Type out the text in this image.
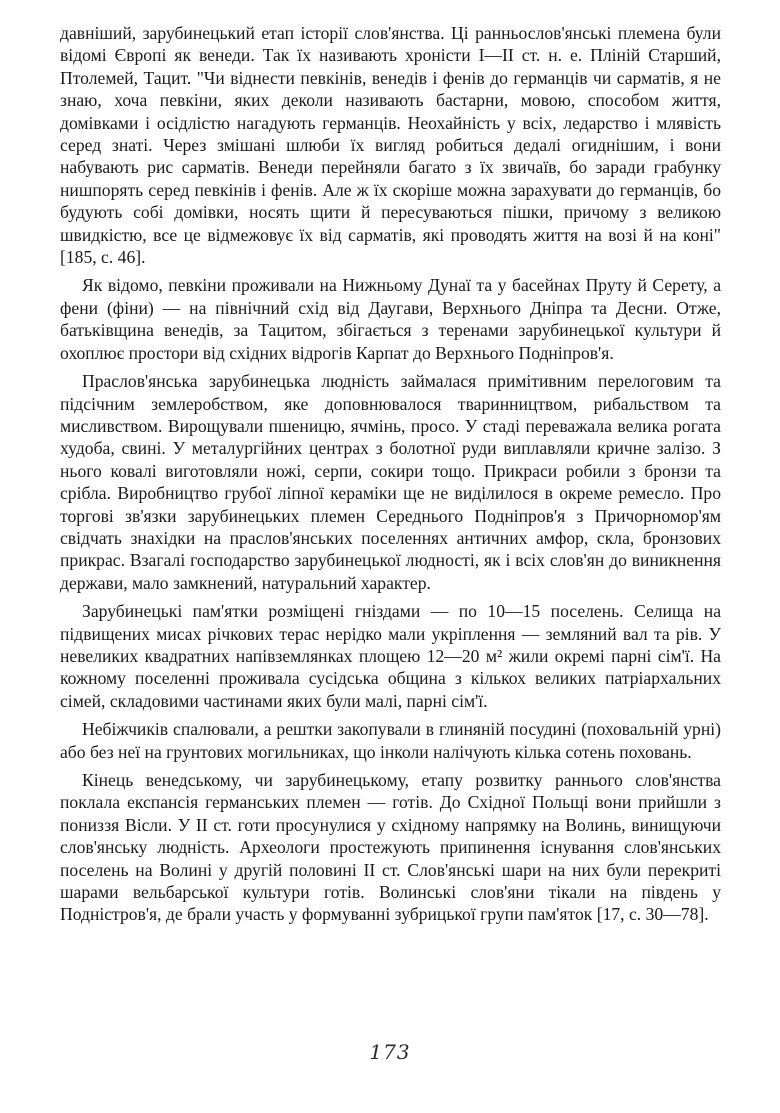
давніший, зарубинецький етап історії слов'янства. Ці ранньослов'янські племена були відомі Європі як венеди. Так їх називають хроністи І—ІІ ст. н. е. Пліній Старший, Птолемей, Тацит. "Чи віднести певкінів, венедів і фенів до германців чи сарматів, я не знаю, хоча певкіни, яких деколи називають бастарни, мовою, способом життя, домівками і осідлістю нагадують германців. Неохайність у всіх, ледарство і млявість серед знаті. Через змішані шлюби їх вигляд робиться дедалі огиднішим, і вони набувають рис сарматів. Венеди перейняли багато з їх звичаїв, бо заради грабунку нишпорять серед певкінів і фенів. Але ж їх скоріше можна зарахувати до германців, бо будують собі домівки, носять щити й пересуваються пішки, причому з великою швидкістю, все це відмежовує їх від сарматів, які проводять життя на возі й на коні" [185, с. 46].

Як відомо, певкіни проживали на Нижньому Дунаї та у басейнах Пруту й Серету, а фени (фіни) — на північний схід від Даугави, Верхнього Дніпра та Десни. Отже, батьківщина венедів, за Тацитом, збігається з теренами зарубинецької культури й охоплює простори від східних відрогів Карпат до Верхнього Подніпров'я.

Праслов'янська зарубинецька людність займалася примітивним перелоговим та підсічним землеробством, яке доповнювалося тваринництвом, рибальством та мисливством. Вирощували пшеницю, ячмінь, просо. У стаді переважала велика рогата худоба, свині. У металургійних центрах з болотної руди виплавляли кричне залізо. З нього ковалі виготовляли ножі, серпи, сокири тощо. Прикраси робили з бронзи та срібла. Виробництво грубої ліпної кераміки ще не виділилося в окреме ремесло. Про торгові зв'язки зарубинецьких племен Середнього Подніпров'я з Причорномор'ям свідчать знахідки на праслов'янських поселеннях античних амфор, скла, бронзових прикрас. Взагалі господарство зарубинецької людності, як і всіх слов'ян до виникнення держави, мало замкнений, натуральний характер.

Зарубинецькі пам'ятки розміщені гніздами — по 10—15 поселень. Селища на підвищених мисах річкових терас нерідко мали укріплення — земляний вал та рів. У невеликих квадратних напівземлянках площею 12—20 м² жили окремі парні сім'ї. На кожному поселенні проживала сусідська община з кількох великих патріархальних сімей, складовими частинами яких були малі, парні сім'ї.

Небіжчиків спалювали, а рештки закопували в глиняній посудині (поховальній урні) або без неї на грунтових могильниках, що інколи налічують кілька сотень поховань.

Кінець венедському, чи зарубинецькому, етапу розвитку раннього слов'янства поклала експансія германських племен — готів. До Східної Польщі вони прийшли з пониззя Вісли. У ІІ ст. готи просунулися у східному напрямку на Волинь, винищуючи слов'янську людність. Археологи простежують припинення існування слов'янських поселень на Волині у другій половині ІІ ст. Слов'янські шари на них були перекриті шарами вельбарської культури готів. Волинські слов'яни тікали на південь у Подністров'я, де брали участь у формуванні зубрицької групи пам'яток [17, с. 30—78].

173
